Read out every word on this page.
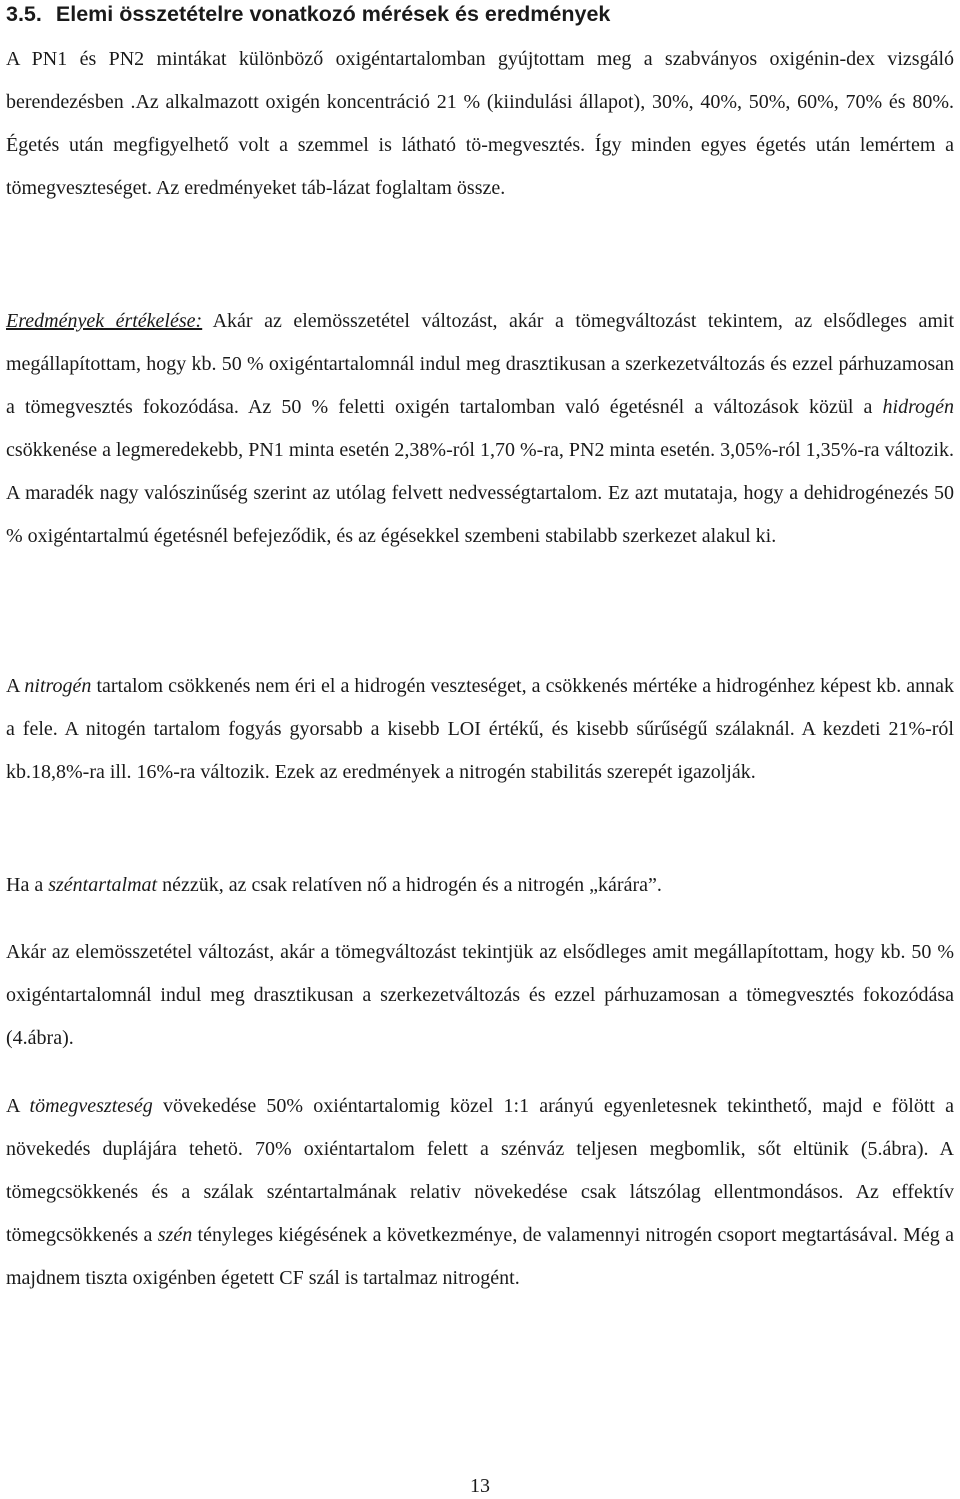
3.5. Elemi összetételre vonatkozó mérések és eredmények

A PN1 és PN2 mintákat különböző oxigéntartalomban gyújtottam meg a szabványos oxigénin-dex vizsgáló berendezésben .Az alkalmazott oxigén koncentráció 21 % (kiindulási állapot), 30%, 40%, 50%, 60%, 70% és 80%. Égetés után megfigyelhető volt a szemmel is látható tö-megvesztés. Így minden egyes égetés után lemértem a tömegveszteséget. Az eredményeket táb-lázat foglaltam össze.

Eredmények értékelése: Akár az elemösszetétel változást, akár a tömegváltozást tekintem, az elsődleges amit megállapítottam, hogy kb. 50 % oxigéntartalomnál indul meg drasztikusan a szerkezetváltozás és ezzel párhuzamosan a tömegvesztés fokozódása. Az 50 % feletti oxigén tartalomban való égetésnél a változások közül a hidrogén csökkenése a legmeredekebb, PN1 minta esetén 2,38%-ról 1,70 %-ra, PN2 minta esetén. 3,05%-ról 1,35%-ra változik. A maradék nagy valószinűség szerint az utólag felvett nedvességtartalom. Ez azt mutataja, hogy a dehidrogénezés 50 % oxigéntartalmú égetésnél befejeződik, és az égésekkel szembeni stabilabb szerkezet alakul ki.

A nitrogén tartalom csökkenés nem éri el a hidrogén veszteséget, a csökkenés mértéke a hidrogénhez képest kb. annak a fele. A nitogén tartalom fogyás gyorsabb a kisebb LOI értékű, és kisebb sűrűségű szálaknál. A kezdeti 21%-ról kb.18,8%-ra ill. 16%-ra változik. Ezek az eredmények a nitrogén stabilitás szerepét igazolják.

Ha a széntartalmat nézzük, az csak relatíven nő a hidrogén és a nitrogén „kárára”.

Akár az elemösszetétel változást, akár a tömegváltozást tekintjük az elsődleges amit megállapítottam, hogy kb. 50 % oxigéntartalomnál indul meg drasztikusan a szerkezetváltozás és ezzel párhuzamosan a tömegvesztés fokozódása (4.ábra).

A tömegveszteség vövekedése 50% oxiéntartalomig közel 1:1 arányú egyenletesnek tekinthető, majd e fölött a növekedés duplájára tehetö. 70% oxiéntartalom felett a szénváz teljesen megbomlik, sőt eltünik (5.ábra). A tömegcsökkenés és a szálak széntartalmának relativ növekedése csak látszólag ellentmondásos. Az effektív tömegcsökkenés a szén tényleges kiégésének a következménye, de valamennyi nitrogén csoport megtartásával. Még a majdnem tiszta oxigénben égetett CF szál is tartalmaz nitrogént.

13
